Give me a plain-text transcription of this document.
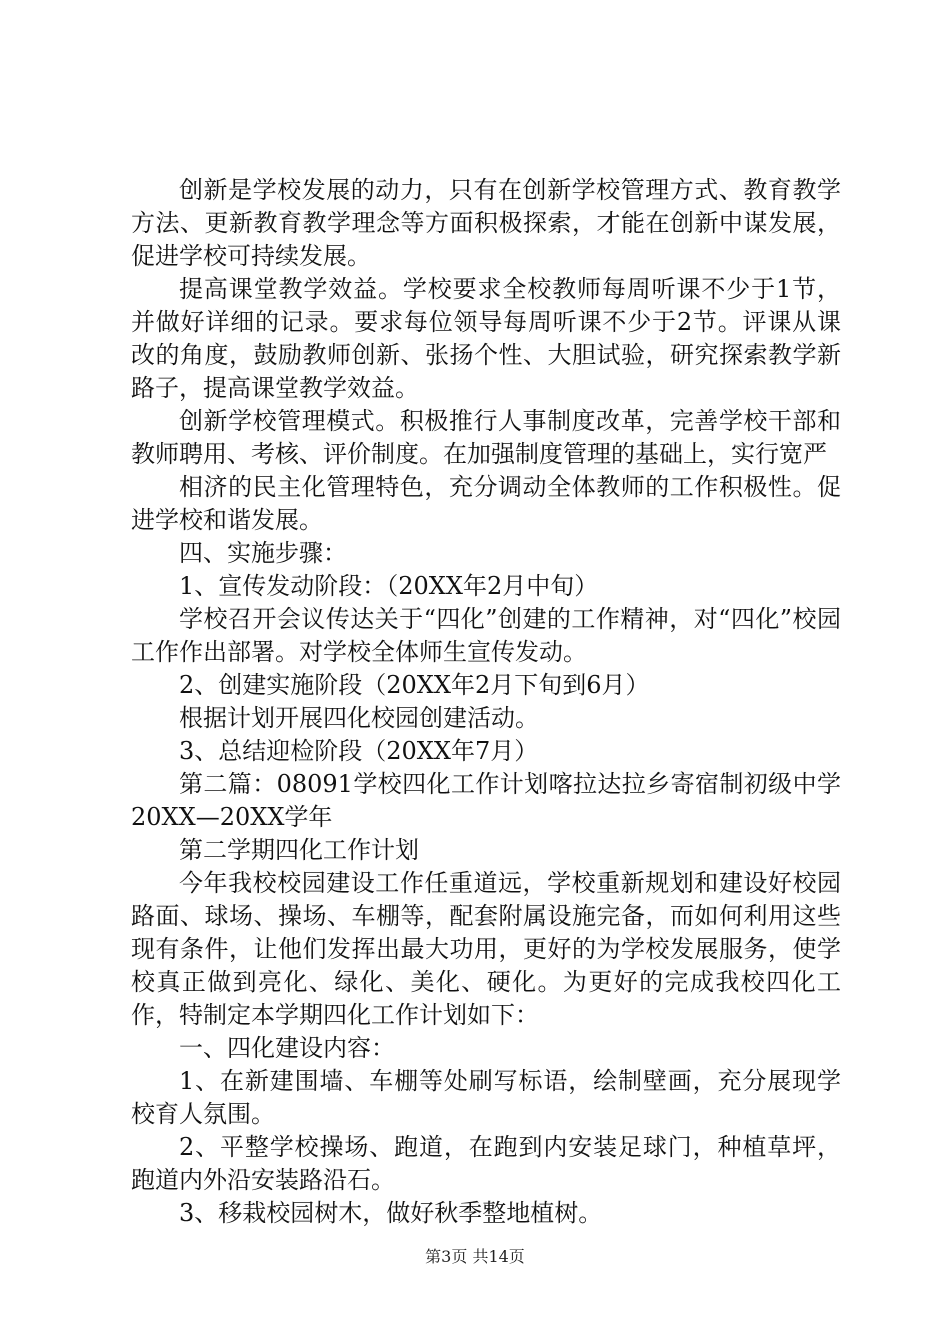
创新是学校发展的动力，只有在创新学校管理方式、教育教学方法、更新教育教学理念等方面积极探索，才能在创新中谋发展，促进学校可持续发展。

提高课堂教学效益。学校要求全校教师每周听课不少于1节，并做好详细的记录。要求每位领导每周听课不少于2节。评课从课改的角度，鼓励教师创新、张扬个性、大胆试验，研究探索教学新路子，提高课堂教学效益。

创新学校管理模式。积极推行人事制度改革，完善学校干部和教师聘用、考核、评价制度。在加强制度管理的基础上，实行宽严

相济的民主化管理特色，充分调动全体教师的工作积极性。促进学校和谐发展。

四、实施步骤：

1、宣传发动阶段：（20XX年2月中旬）

学校召开会议传达关于“四化”创建的工作精神，对“四化”校园工作作出部署。对学校全体师生宣传发动。

2、创建实施阶段（20XX年2月下旬到6月）

根据计划开展四化校园创建活动。

3、总结迎检阶段（20XX年7月）

第二篇：08091学校四化工作计划喀拉达拉乡寄宿制初级中学20XX—20XX学年

第二学期四化工作计划

今年我校校园建设工作任重道远，学校重新规划和建设好校园路面、球场、操场、车棚等，配套附属设施完备，而如何利用这些现有条件，让他们发挥出最大功用，更好的为学校发展服务，使学校真正做到亮化、绿化、美化、硬化。为更好的完成我校四化工作，特制定本学期四化工作计划如下：

一、四化建设内容：

1、在新建围墙、车棚等处刷写标语，绘制壁画，充分展现学校育人氛围。

2、平整学校操场、跑道，在跑到内安装足球门，种植草坪，跑道内外沿安装路沿石。

3、移栽校园树木，做好秋季整地植树。

第3页 共14页
